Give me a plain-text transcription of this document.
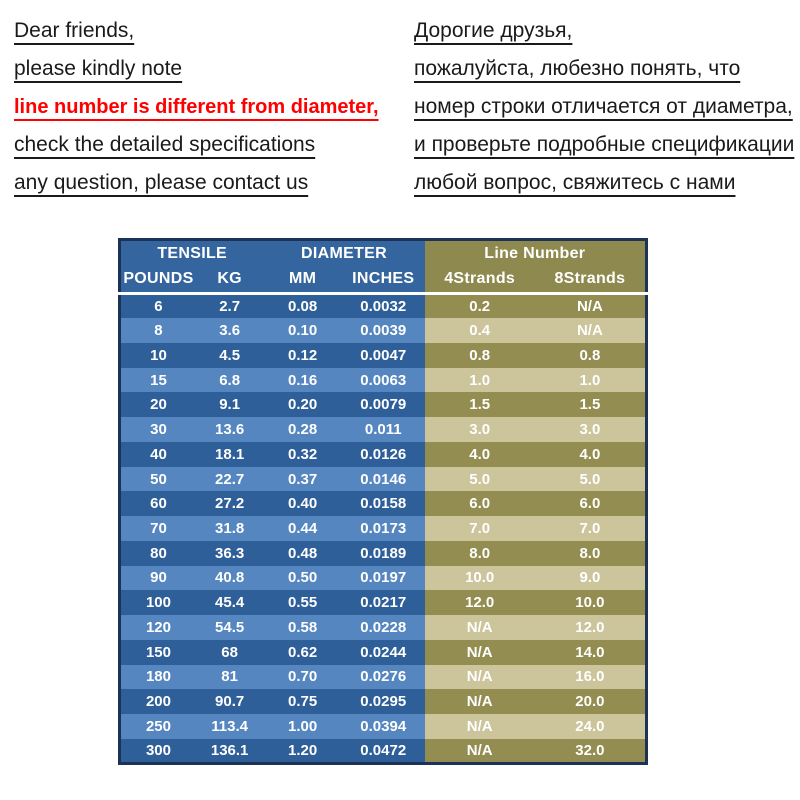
Dear friends,

please kindly note

line number is different from diameter,

check the detailed specifications

any question, please contact us

Дорогие друзья,

пожалуйста, любезно понять, что

номер строки отличается от диаметра,

и проверьте подробные спецификации

любой вопрос, свяжитесь с нами

TENSILE		DIAMETER		Line Number	
POUNDS	KG	MM	INCHES	4Strands	8Strands
6	2.7	0.08	0.0032	0.2	N/A
8	3.6	0.10	0.0039	0.4	N/A
10	4.5	0.12	0.0047	0.8	0.8
15	6.8	0.16	0.0063	1.0	1.0
20	9.1	0.20	0.0079	1.5	1.5
30	13.6	0.28	0.011	3.0	3.0
40	18.1	0.32	0.0126	4.0	4.0
50	22.7	0.37	0.0146	5.0	5.0
60	27.2	0.40	0.0158	6.0	6.0
70	31.8	0.44	0.0173	7.0	7.0
80	36.3	0.48	0.0189	8.0	8.0
90	40.8	0.50	0.0197	10.0	9.0
100	45.4	0.55	0.0217	12.0	10.0
120	54.5	0.58	0.0228	N/A	12.0
150	68	0.62	0.0244	N/A	14.0
180	81	0.70	0.0276	N/A	16.0
200	90.7	0.75	0.0295	N/A	20.0
250	113.4	1.00	0.0394	N/A	24.0
300	136.1	1.20	0.0472	N/A	32.0
